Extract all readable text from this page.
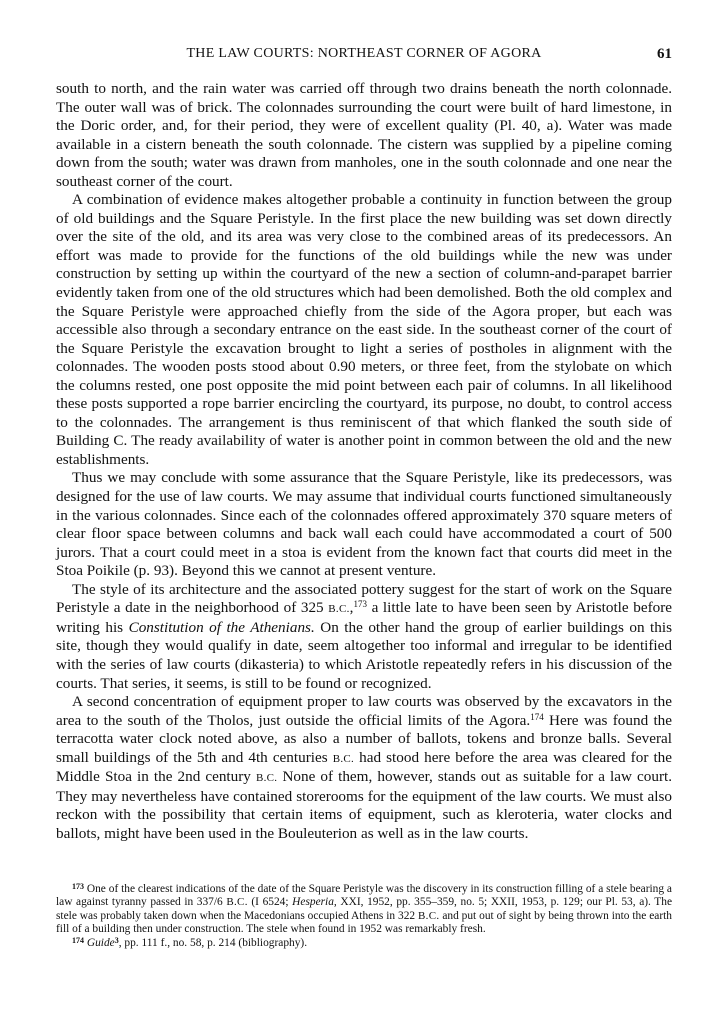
THE LAW COURTS: NORTHEAST CORNER OF AGORA	61

south to north, and the rain water was carried off through two drains beneath the north colonnade. The outer wall was of brick. The colonnades surrounding the court were built of hard limestone, in the Doric order, and, for their period, they were of excellent quality (Pl. 40, a). Water was made available in a cistern beneath the south colonnade. The cistern was supplied by a pipeline coming down from the south; water was drawn from manholes, one in the south colonnade and one near the southeast corner of the court.

A combination of evidence makes altogether probable a continuity in function between the group of old buildings and the Square Peristyle. In the first place the new building was set down directly over the site of the old, and its area was very close to the combined areas of its predecessors. An effort was made to provide for the functions of the old buildings while the new was under construction by setting up within the courtyard of the new a section of column-and-parapet barrier evidently taken from one of the old structures which had been demolished. Both the old complex and the Square Peristyle were approached chiefly from the side of the Agora proper, but each was accessible also through a secondary entrance on the east side. In the southeast corner of the court of the Square Peristyle the excavation brought to light a series of postholes in alignment with the colonnades. The wooden posts stood about 0.90 meters, or three feet, from the stylobate on which the columns rested, one post opposite the mid point between each pair of columns. In all likelihood these posts supported a rope barrier encircling the courtyard, its purpose, no doubt, to control access to the colonnades. The arrangement is thus reminiscent of that which flanked the south side of Building C. The ready availability of water is another point in common between the old and the new establishments.

Thus we may conclude with some assurance that the Square Peristyle, like its predecessors, was designed for the use of law courts. We may assume that individual courts functioned simultaneously in the various colonnades. Since each of the colonnades offered approximately 370 square meters of clear floor space between columns and back wall each could have accommodated a court of 500 jurors. That a court could meet in a stoa is evident from the known fact that courts did meet in the Stoa Poikile (p. 93). Beyond this we cannot at present venture.

The style of its architecture and the associated pottery suggest for the start of work on the Square Peristyle a date in the neighborhood of 325 B.C.,$^{173}$ a little late to have been seen by Aristotle before writing his Constitution of the Athenians. On the other hand the group of earlier buildings on this site, though they would qualify in date, seem altogether too informal and irregular to be identified with the series of law courts (dikasteria) to which Aristotle repeatedly refers in his discussion of the courts. That series, it seems, is still to be found or recognized.

A second concentration of equipment proper to law courts was observed by the excavators in the area to the south of the Tholos, just outside the official limits of the Agora.$^{174}$ Here was found the terracotta water clock noted above, as also a number of ballots, tokens and bronze balls. Several small buildings of the 5th and 4th centuries B.C. had stood here before the area was cleared for the Middle Stoa in the 2nd century B.C. None of them, however, stands out as suitable for a law court. They may nevertheless have contained storerooms for the equipment of the law courts. We must also reckon with the possibility that certain items of equipment, such as kleroteria, water clocks and ballots, might have been used in the Bouleuterion as well as in the law courts.

$^{173}$ One of the clearest indications of the date of the Square Peristyle was the discovery in its construction filling of a stele bearing a law against tyranny passed in 337/6 B.C. (I 6524; Hesperia, XXI, 1952, pp. 355–359, no. 5; XXII, 1953, p. 129; our Pl. 53, a). The stele was probably taken down when the Macedonians occupied Athens in 322 B.C. and put out of sight by being thrown into the earth fill of a building then under construction. The stele when found in 1952 was remarkably fresh.

$^{174}$ Guide$^3$, pp. 111 f., no. 58, p. 214 (bibliography).
